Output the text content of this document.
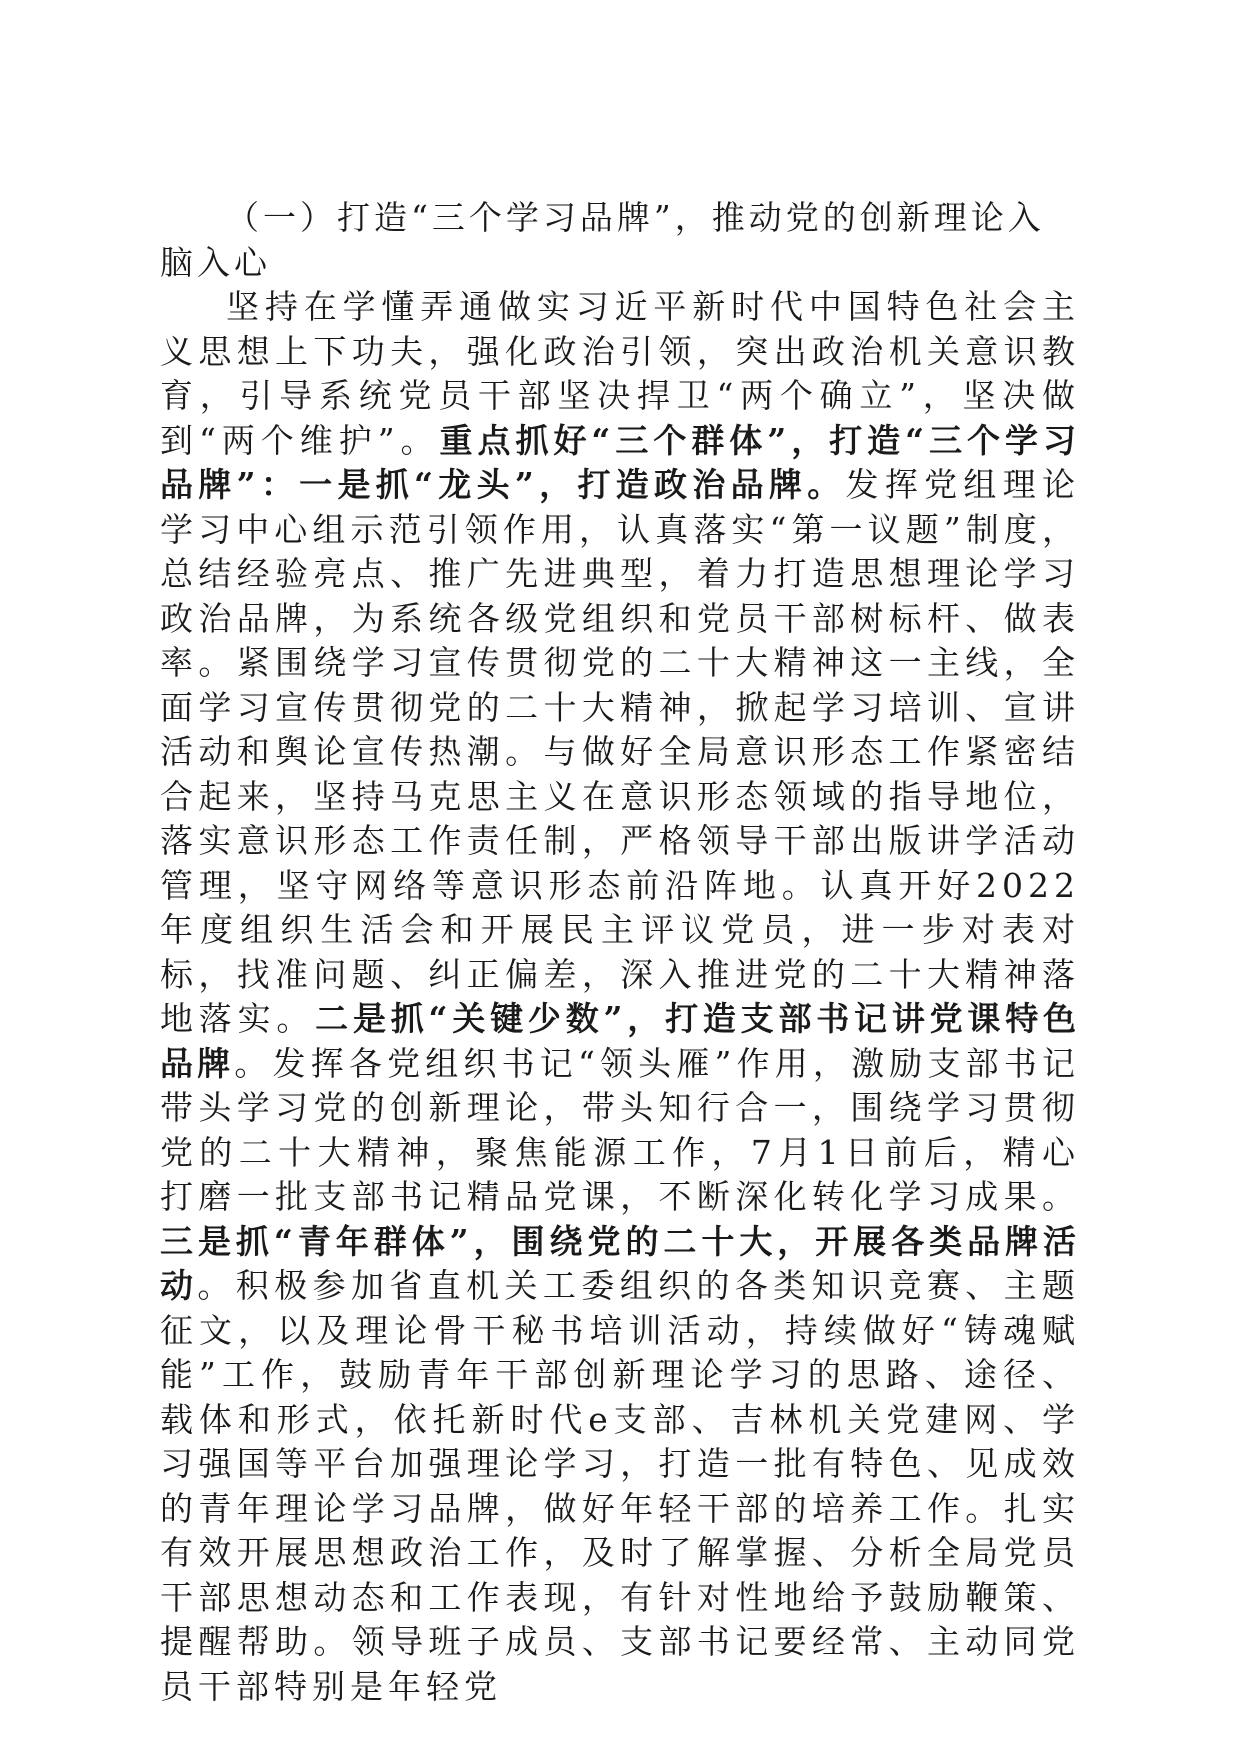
（一）打造“三个学习品牌”，推动党的创新理论入脑入心

坚持在学懂弄通做实习近平新时代中国特色社会主义思想上下功夫，强化政治引领，突出政治机关意识教育，引导系统党员干部坚决捍卫“两个确立”，坚决做到“两个维护”。重点抓好“三个群体”，打造“三个学习品牌”：一是抓“龙头”，打造政治品牌。发挥党组理论学习中心组示范引领作用，认真落实“第一议题”制度，总结经验亮点、推广先进典型，着力打造思想理论学习政治品牌，为系统各级党组织和党员干部树标杆、做表率。紧围绕学习宣传贯彻党的二十大精神这一主线，全面学习宣传贯彻党的二十大精神，掀起学习培训、宣讲活动和舆论宣传热潮。与做好全局意识形态工作紧密结合起来，坚持马克思主义在意识形态领域的指导地位，落实意识形态工作责任制，严格领导干部出版讲学活动管理，坚守网络等意识形态前沿阵地。认真开好2022年度组织生活会和开展民主评议党员，进一步对表对标，找准问题、纠正偏差，深入推进党的二十大精神落地落实。二是抓“关键少数”，打造支部书记讲党课特色品牌。发挥各党组织书记“领头雁”作用，激励支部书记带头学习党的创新理论，带头知行合一，围绕学习贯彻党的二十大精神，聚焦能源工作，7月1日前后，精心打磨一批支部书记精品党课，不断深化转化学习成果。三是抓“青年群体”，围绕党的二十大，开展各类品牌活动。积极参加省直机关工委组织的各类知识竞赛、主题征文，以及理论骨干秘书培训活动，持续做好“铸魂赋能”工作，鼓励青年干部创新理论学习的思路、途径、载体和形式，依托新时代e支部、吉林机关党建网、学习强国等平台加强理论学习，打造一批有特色、见成效的青年理论学习品牌，做好年轻干部的培养工作。扎实有效开展思想政治工作，及时了解掌握、分析全局党员干部思想动态和工作表现，有针对性地给予鼓励鞭策、提醒帮助。领导班子成员、支部书记要经常、主动同党员干部特别是年轻党
